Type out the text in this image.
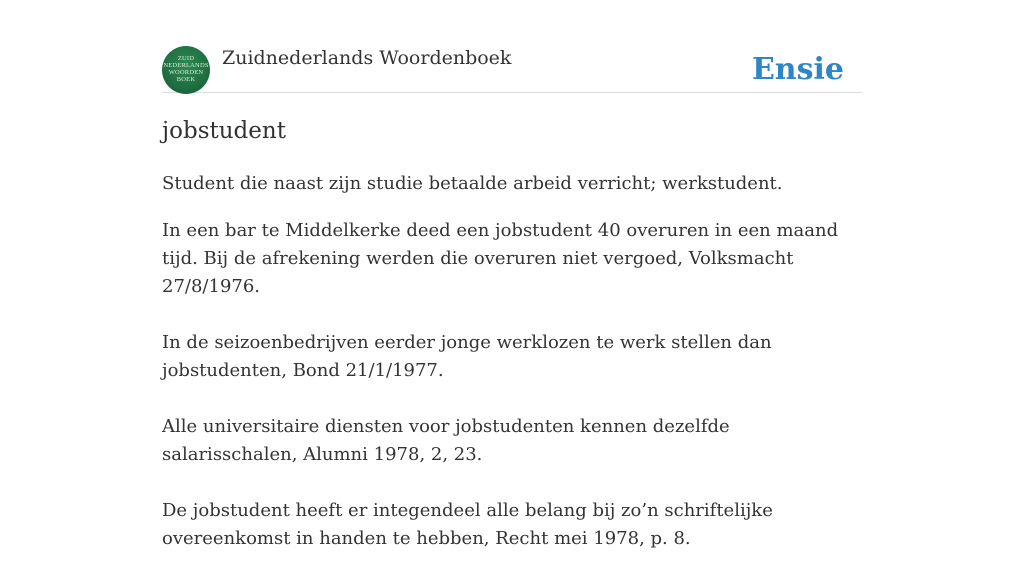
ZUID
NEDERLANDS
WOORDEN
BOEK
Zuidnederlands Woordenboek	Ensie
jobstudent

Student die naast zijn studie betaalde arbeid verricht; werkstudent.

In een bar te Middelkerke deed een jobstudent 40 overuren in een maand tijd. Bij de afrekening werden die overuren niet vergoed, Volksmacht 27/8/1976.

In de seizoenbedrijven eerder jonge werklozen te werk stellen dan jobstudenten, Bond 21/1/1977.

Alle universitaire diensten voor jobstudenten kennen dezelfde salarisschalen, Alumni 1978, 2, 23.

De jobstudent heeft er integendeel alle belang bij zo’n schriftelijke overeenkomst in handen te hebben, Recht mei 1978, p. 8.
